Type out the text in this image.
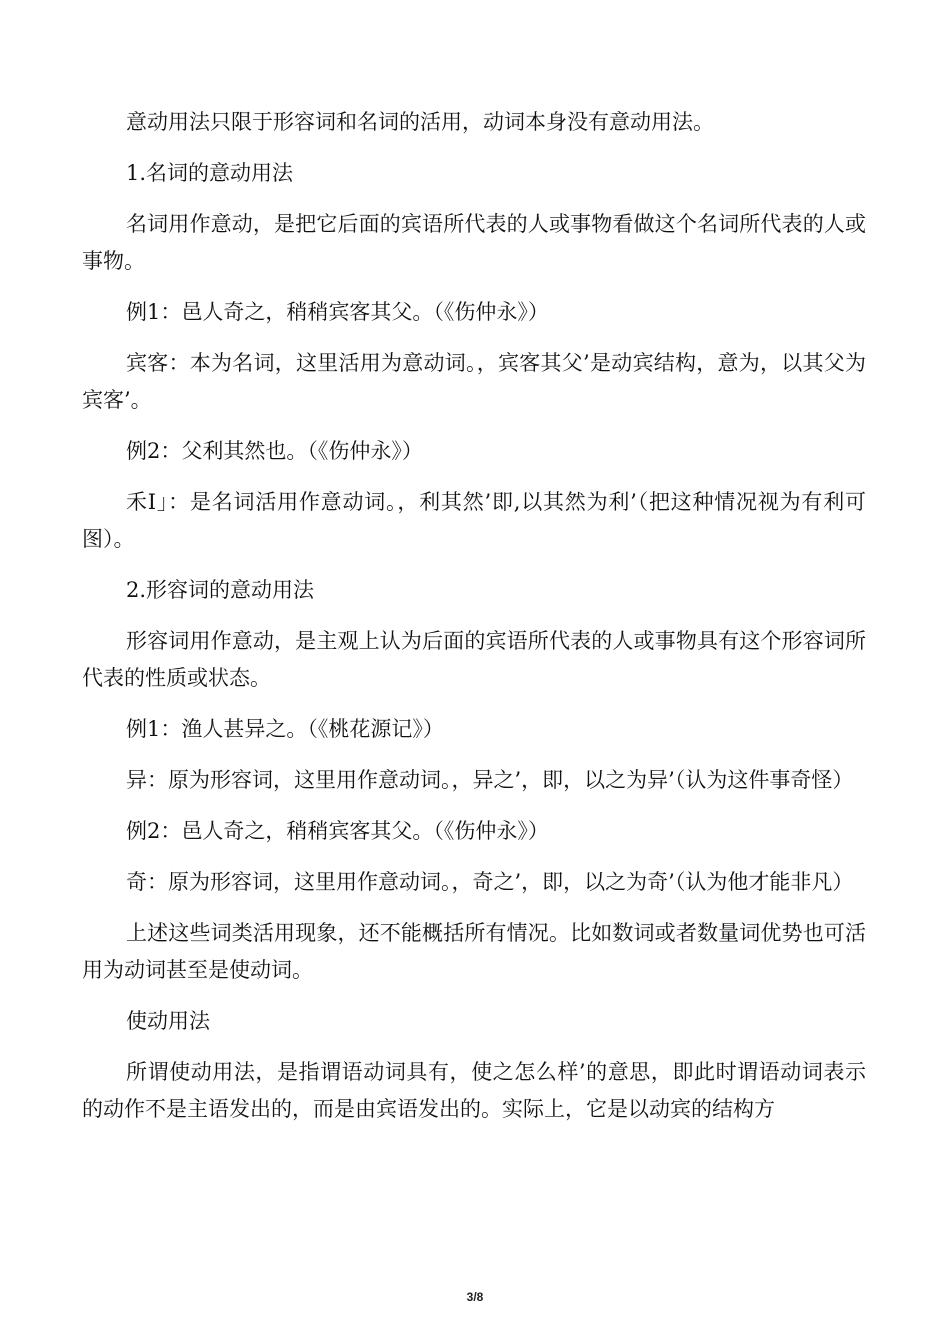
意动用法只限于形容词和名词的活用，动词本身没有意动用法。

1.名词的意动用法

名词用作意动，是把它后面的宾语所代表的人或事物看做这个名词所代表的人或事物。

例1：邑人奇之，稍稍宾客其父。（《伤仲永》）

宾客：本为名词，这里活用为意动词。，宾客其父’是动宾结构，意为，以其父为宾客’。

例2：父利其然也。（《伤仲永》）

禾I」：是名词活用作意动词。，利其然’即,以其然为利’（把这种情况视为有利可图）。

2.形容词的意动用法

形容词用作意动，是主观上认为后面的宾语所代表的人或事物具有这个形容词所代表的性质或状态。

例1：渔人甚异之。（《桃花源记》）

异：原为形容词，这里用作意动词。，异之’，即，以之为异’（认为这件事奇怪）

例2：邑人奇之，稍稍宾客其父。（《伤仲永》）

奇：原为形容词，这里用作意动词。，奇之’，即，以之为奇’（认为他才能非凡）

上述这些词类活用现象，还不能概括所有情况。比如数词或者数量词优势也可活用为动词甚至是使动词。

使动用法

所谓使动用法，是指谓语动词具有，使之怎么样’的意思，即此时谓语动词表示的动作不是主语发出的，而是由宾语发出的。实际上，它是以动宾的结构方

3/8
